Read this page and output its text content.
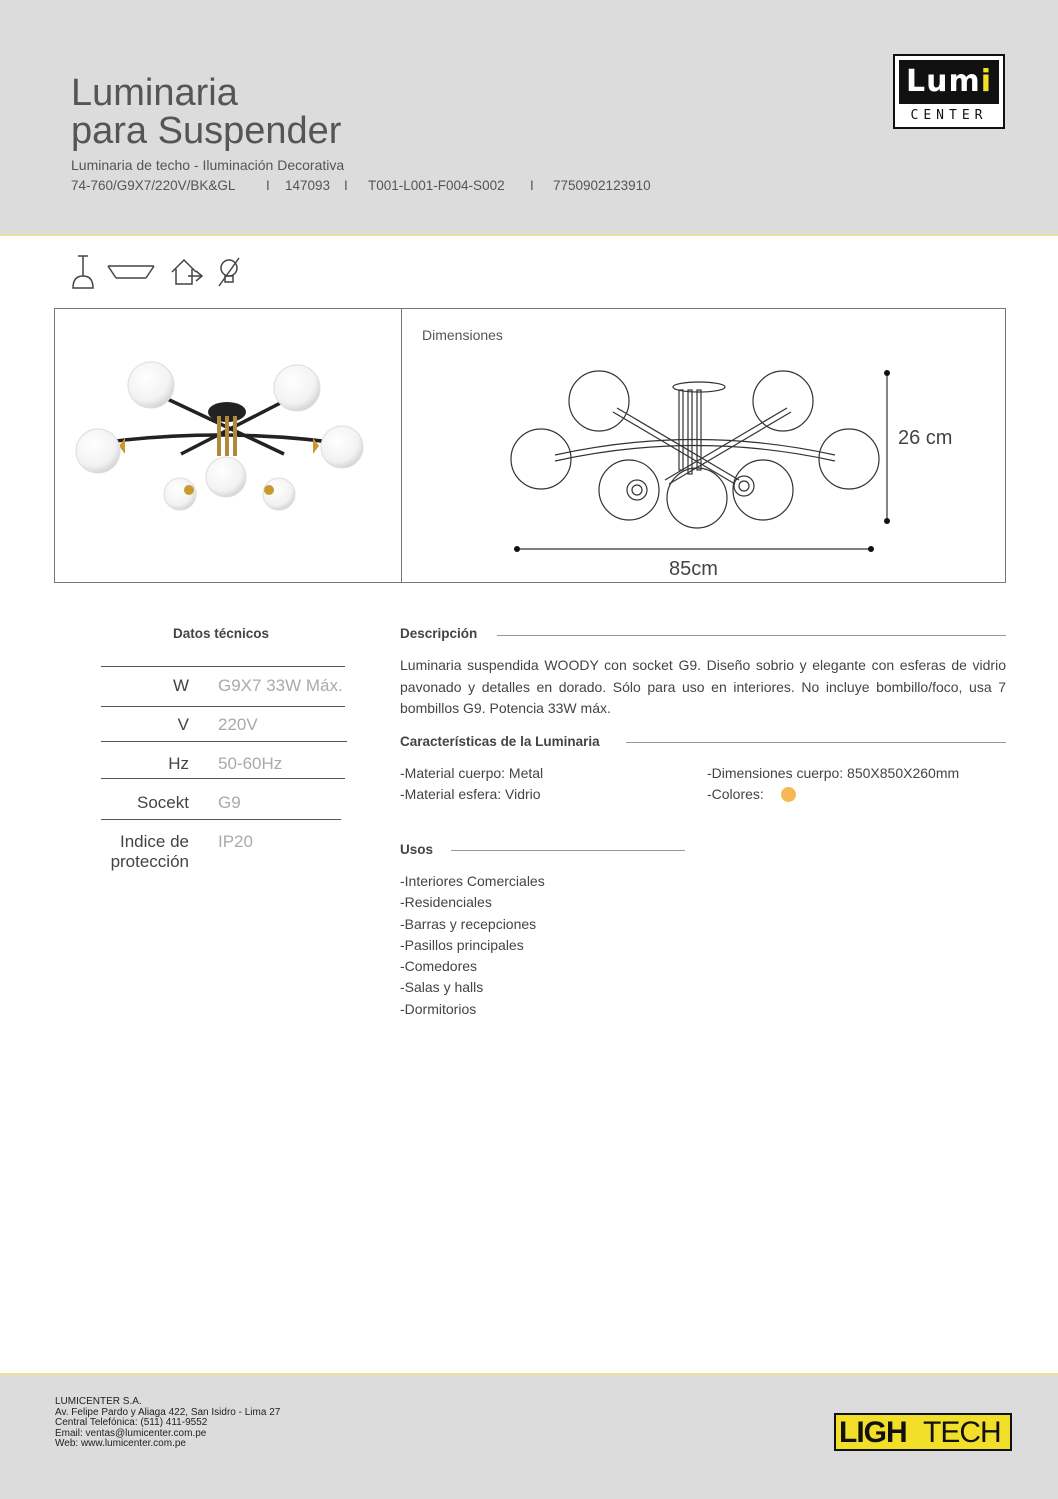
Luminaria
para Suspender
Luminaria de techo - Iluminación Decorativa
74-760/G9X7/220V/BK&GL I 147093 I T001-L001-F004-S002 I 7750902123910
Lumi
CENTER
Dimensiones
26 cm
85cm
Datos técnicos
W G9X7 33W Máx.
V 220V
Hz 50-60Hz
Socekt G9
Indice de protección
IP20
Descripción
Luminaria suspendida WOODY con socket G9. Diseño sobrio y elegante con esferas de vidrio pavonado y detalles en dorado. Sólo para uso en interiores. No incluye bombillo/foco, usa 7 bombillos G9. Potencia 33W máx.
Características de la Luminaria
-Material cuerpo: Metal
-Material esfera: Vidrio
-Dimensiones cuerpo: 850X850X260mm
-Colores:
Usos
-Interiores Comerciales
-Residenciales
-Barras y recepciones
-Pasillos principales
-Comedores
-Salas y halls
-Dormitorios
LUMICENTER S.A.
Av. Felipe Pardo y Aliaga 422, San Isidro - Lima 27
Central Telefónica: (511) 411-9552
Email: ventas@lumicenter.com.pe
Web: www.lumicenter.com.pe	LIGH TECH
